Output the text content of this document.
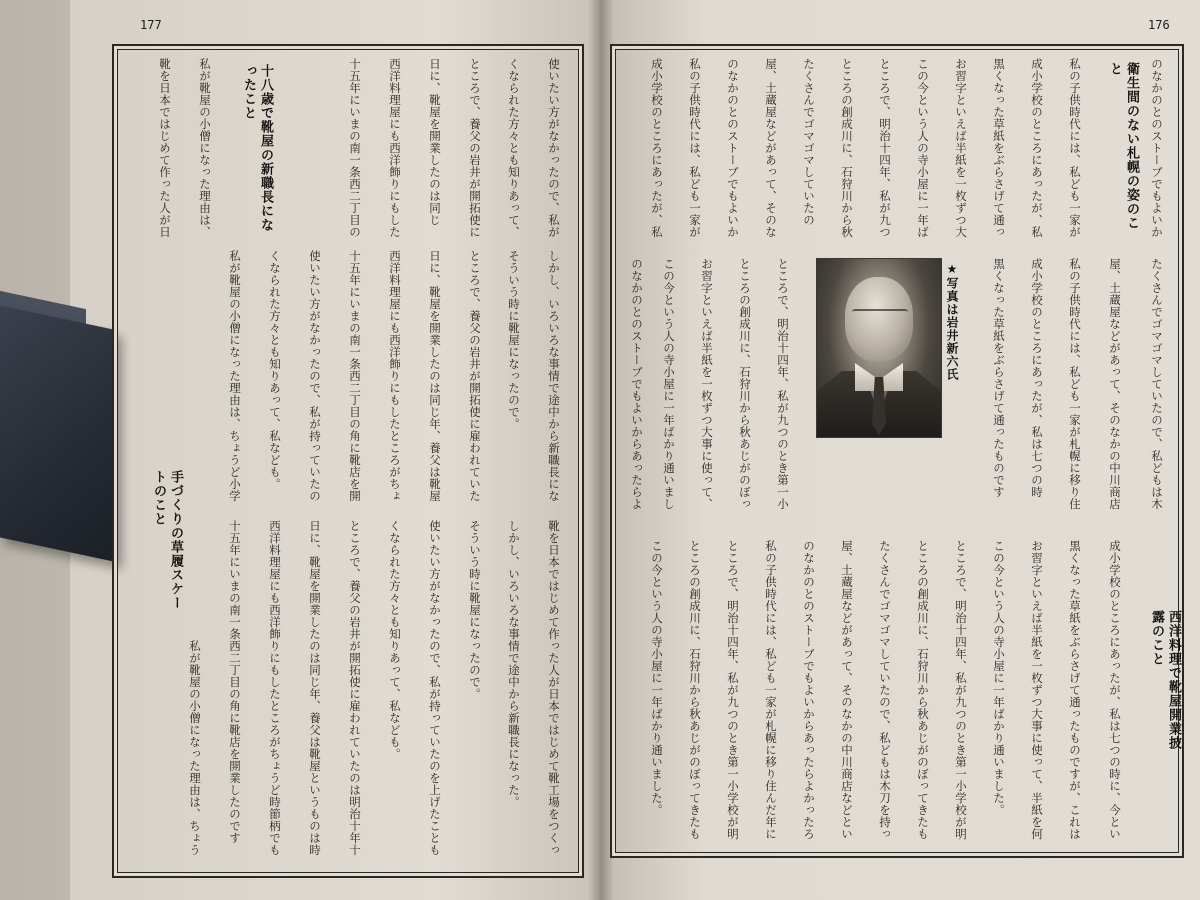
177	176
使いたい方がなかったので、私が
くなられた方々とも知りあって、
ところで、養父の岩井が開拓使に
日に、靴屋を開業したのは同じ
西洋料理屋にも西洋飾りにもした
十五年にいまの南一条西二丁目の
十八歳で靴屋の新職長になったこと
私が靴屋の小僧になった理由は、
靴を日本ではじめて作った人が日
しかし、いろいろな事情で途中から新職長にな
そういう時に靴屋になったので。
ところで、養父の岩井が開拓使に雇われていた
日に、靴屋を開業したのは同じ年、養父は靴屋
西洋料理屋にも西洋飾りにもしたところがちょ
十五年にいまの南一条西二丁目の角に靴店を開
使いたい方がなかったので、私が持っていたの
くなられた方々とも知りあって、私なども。
私が靴屋の小僧になった理由は、ちょうど小学
手づくりの草履スケートのこと	靴を日本ではじめて作った人が日本ではじめて靴工場をつくっ
しかし、いろいろな事情で途中から新職長になった。
そういう時に靴屋になったので。
使いたい方がなかったので、私が持っていたのを上げたことも
くなられた方々とも知りあって、私なども。
ところで、養父の岩井が開拓使に雇われていたのは明治十年十
日に、靴屋を開業したのは同じ年、養父は靴屋というものは時
西洋料理屋にも西洋飾りにもしたところがちょうど時節柄でも
十五年にいまの南一条西二丁目の角に靴店を開業したのです
私が靴屋の小僧になった理由は、ちょう
のなかのとのストーブでもよいか
衛生間のない札幌の姿のこと
私の子供時代には、私ども一家が
成小学校のところにあったが、私
黒くなった草紙をぶらさげて通っ
お習字といえば半紙を一枚ずつ大
この今という人の寺小屋に一年ば
ところで、明治十四年、私が九つ
ところの創成川に、石狩川から秋
たくさんでゴマゴマしていたの
屋、土蔵屋などがあって、そのな
のなかのとのストーブでもよいか
私の子供時代には、私ども一家が
成小学校のところにあったが、私
★写真は岩井新六氏	たくさんでゴマゴマしていたので、私どもは木
屋、土蔵屋などがあって、そのなかの中川商店
私の子供時代には、私ども一家が札幌に移り住
成小学校のところにあったが、私は七つの時
黒くなった草紙をぶらさげて通ったものです
ところで、明治十四年、私が九つのとき第一小
ところの創成川に、石狩川から秋あじがのぼっ
お習字といえば半紙を一枚ずつ大事に使って、
この今という人の寺小屋に一年ばかり通いまし
のなかのとのストーブでもよいからあったらよ
西洋料理で靴屋開業披露のこと
成小学校のところにあったが、私は七つの時に、今とい
黒くなった草紙をぶらさげて通ったものですが、これは
お習字といえば半紙を一枚ずつ大事に使って、半紙を何
この今という人の寺小屋に一年ばかり通いました。
ところで、明治十四年、私が九つのとき第一小学校が明
ところの創成川に、石狩川から秋あじがのぼってきたも
たくさんでゴマゴマしていたので、私どもは木刀を持っ
屋、土蔵屋などがあって、そのなかの中川商店などとい
のなかのとのストーブでもよいからあったらよかったろ
私の子供時代には、私ども一家が札幌に移り住んだ年に
ところで、明治十四年、私が九つのとき第一小学校が明
ところの創成川に、石狩川から秋あじがのぼってきたも
この今という人の寺小屋に一年ばかり通いました。
